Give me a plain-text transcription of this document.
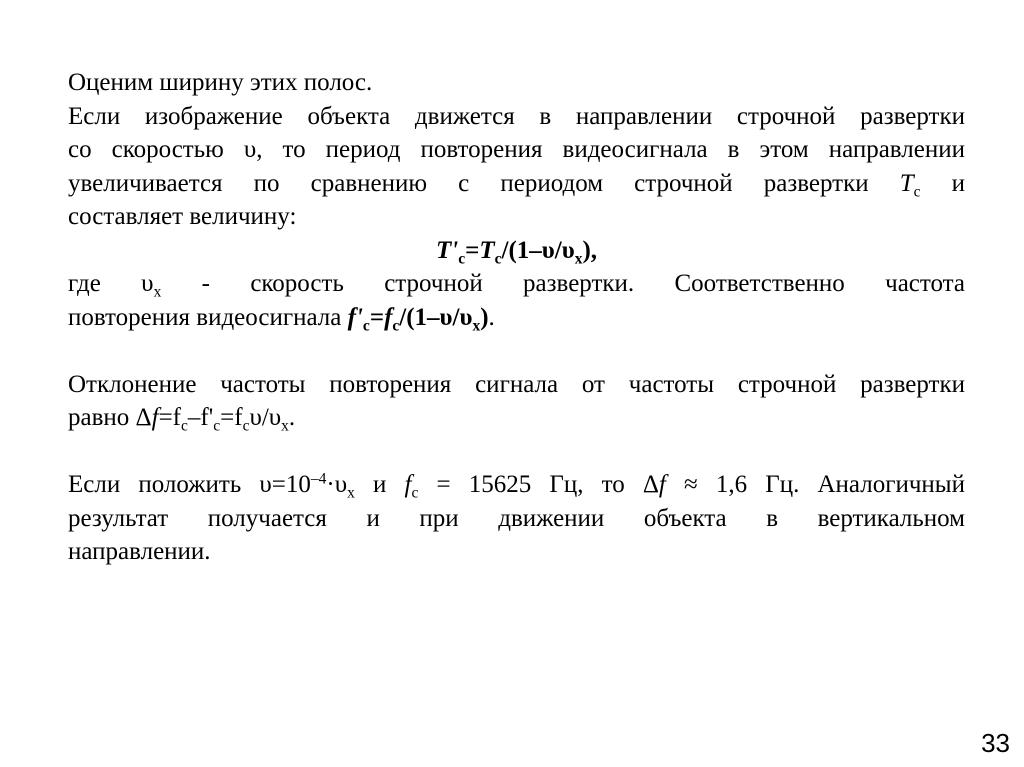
Оценим ширину этих полос.
Если изображение объекта движется в направлении строчной развертки
со скоростью υ, то период повторения видеосигнала в этом направлении
увеличивается по сравнению с периодом строчной развертки $T_с$ и
составляет величину:
$T'_c=T_c/(1-\upsilon/\upsilon_x)$,
где $\upsilon_x$ - скорость строчной развертки. Соответственно частота
повторения видеосигнала $f'_c=f_c/(1-\upsilon/\upsilon_x)$.
Отклонение частоты повторения сигнала от частоты строчной развертки
равно $\Delta f=f_c-f'_c=f_c\upsilon/\upsilon_x$.
Если положить $\upsilon=10^{-4}\cdot\upsilon_x$ и $f_c = 15625$ Гц, то Δf ≈ 1,6 Гц. Аналогичный
результат получается и при движении объекта в вертикальном
направлении.
33
